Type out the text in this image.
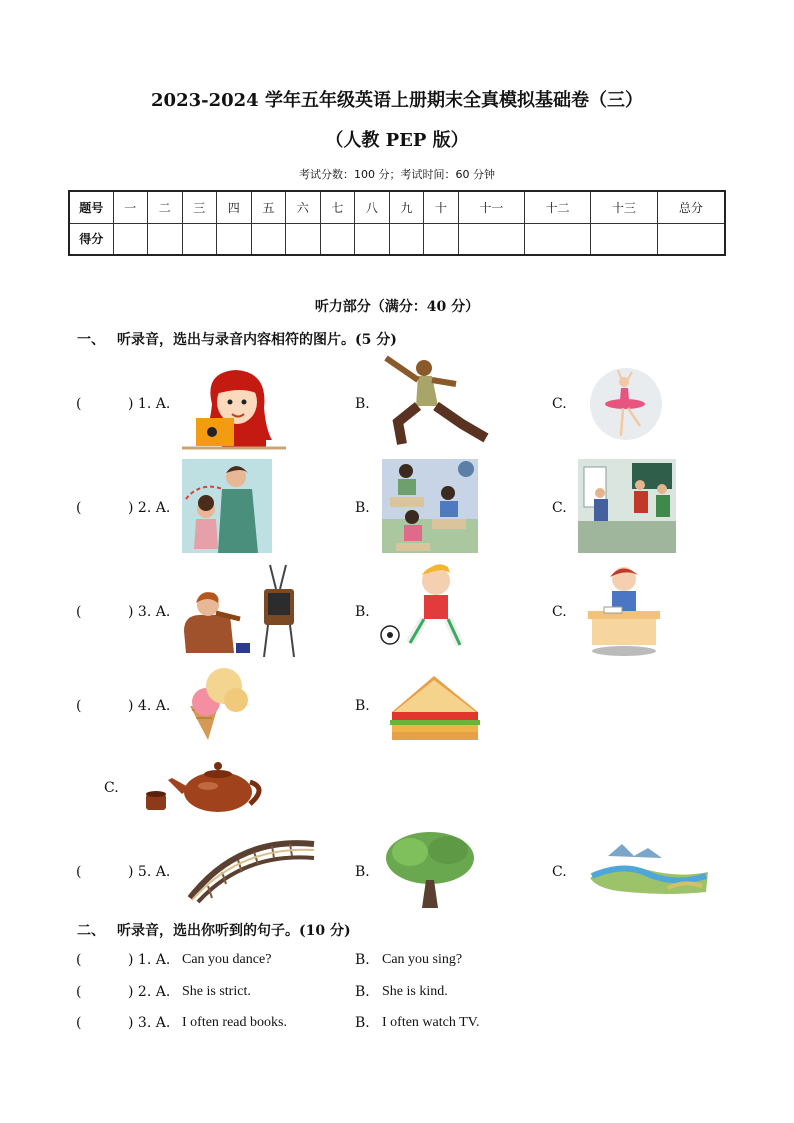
2023-2024 学年五年级英语上册期末全真模拟基础卷（三）
（人教 PEP 版）
考试分数：100 分；考试时间：60 分钟
题号	一	二	三	四	五	六	七	八	九	十	十一	十二	十三	总分
得分														
听力部分（满分：40 分）
一、 听录音，选出与录音内容相符的图片。(5 分)
(	) 1. A.	B.	C.
(	) 2. A.	B.	C.
(	) 3. A.	B.	C.
(	) 4. A.	B.
C.
(	) 5. A.	B.	C.
二、 听录音，选出你听到的句子。(10 分)
(	) 1. A. Can you dance?	B. Can you sing?
(	) 2. A. She is strict.	B. She is kind.
(	) 3. A. I often read books.	B. I often watch TV.
